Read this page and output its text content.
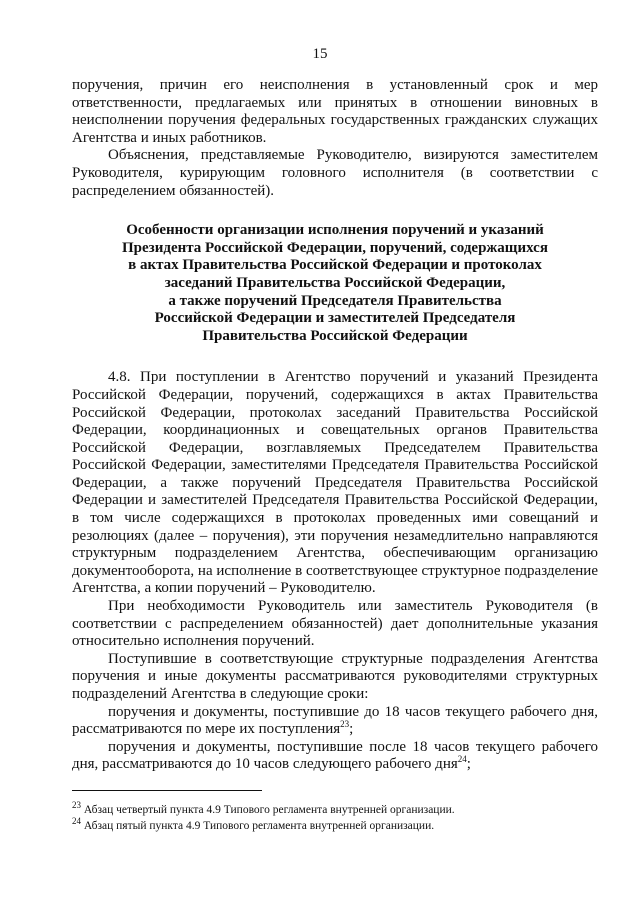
15

поручения, причин его неисполнения в установленный срок и мер ответственности, предлагаемых или принятых в отношении виновных в неисполнении поручения федеральных государственных гражданских служащих Агентства и иных работников.

Объяснения, представляемые Руководителю, визируются заместителем Руководителя, курирующим головного исполнителя (в соответствии с распределением обязанностей).

Особенности организации исполнения поручений и указаний
Президента Российской Федерации, поручений, содержащихся
в актах Правительства Российской Федерации и протоколах
заседаний Правительства Российской Федерации,
а также поручений Председателя Правительства
Российской Федерации и заместителей Председателя
Правительства Российской Федерации

4.8. При поступлении в Агентство поручений и указаний Президента Российской Федерации, поручений, содержащихся в актах Правительства Российской Федерации, протоколах заседаний Правительства Российской Федерации, координационных и совещательных органов Правительства Российской Федерации, возглавляемых Председателем Правительства Российской Федерации, заместителями Председателя Правительства Российской Федерации, а также поручений Председателя Правительства Российской Федерации и заместителей Председателя Правительства Российской Федерации, в том числе содержащихся в протоколах проведенных ими совещаний и резолюциях (далее – поручения), эти поручения незамедлительно направляются структурным подразделением Агентства, обеспечивающим организацию документооборота, на исполнение в соответствующее структурное подразделение Агентства, а копии поручений – Руководителю.

При необходимости Руководитель или заместитель Руководителя (в соответствии с распределением обязанностей) дает дополнительные указания относительно исполнения поручений.

Поступившие в соответствующие структурные подразделения Агентства поручения и иные документы рассматриваются руководителями структурных подразделений Агентства в следующие сроки:

поручения и документы, поступившие до 18 часов текущего рабочего дня, рассматриваются по мере их поступления$^{23}$;

поручения и документы, поступившие после 18 часов текущего рабочего дня, рассматриваются до 10 часов следующего рабочего дня$^{24}$;

$^{23}$ Абзац четвертый пункта 4.9 Типового регламента внутренней организации.

$^{24}$ Абзац пятый пункта 4.9 Типового регламента внутренней организации.
